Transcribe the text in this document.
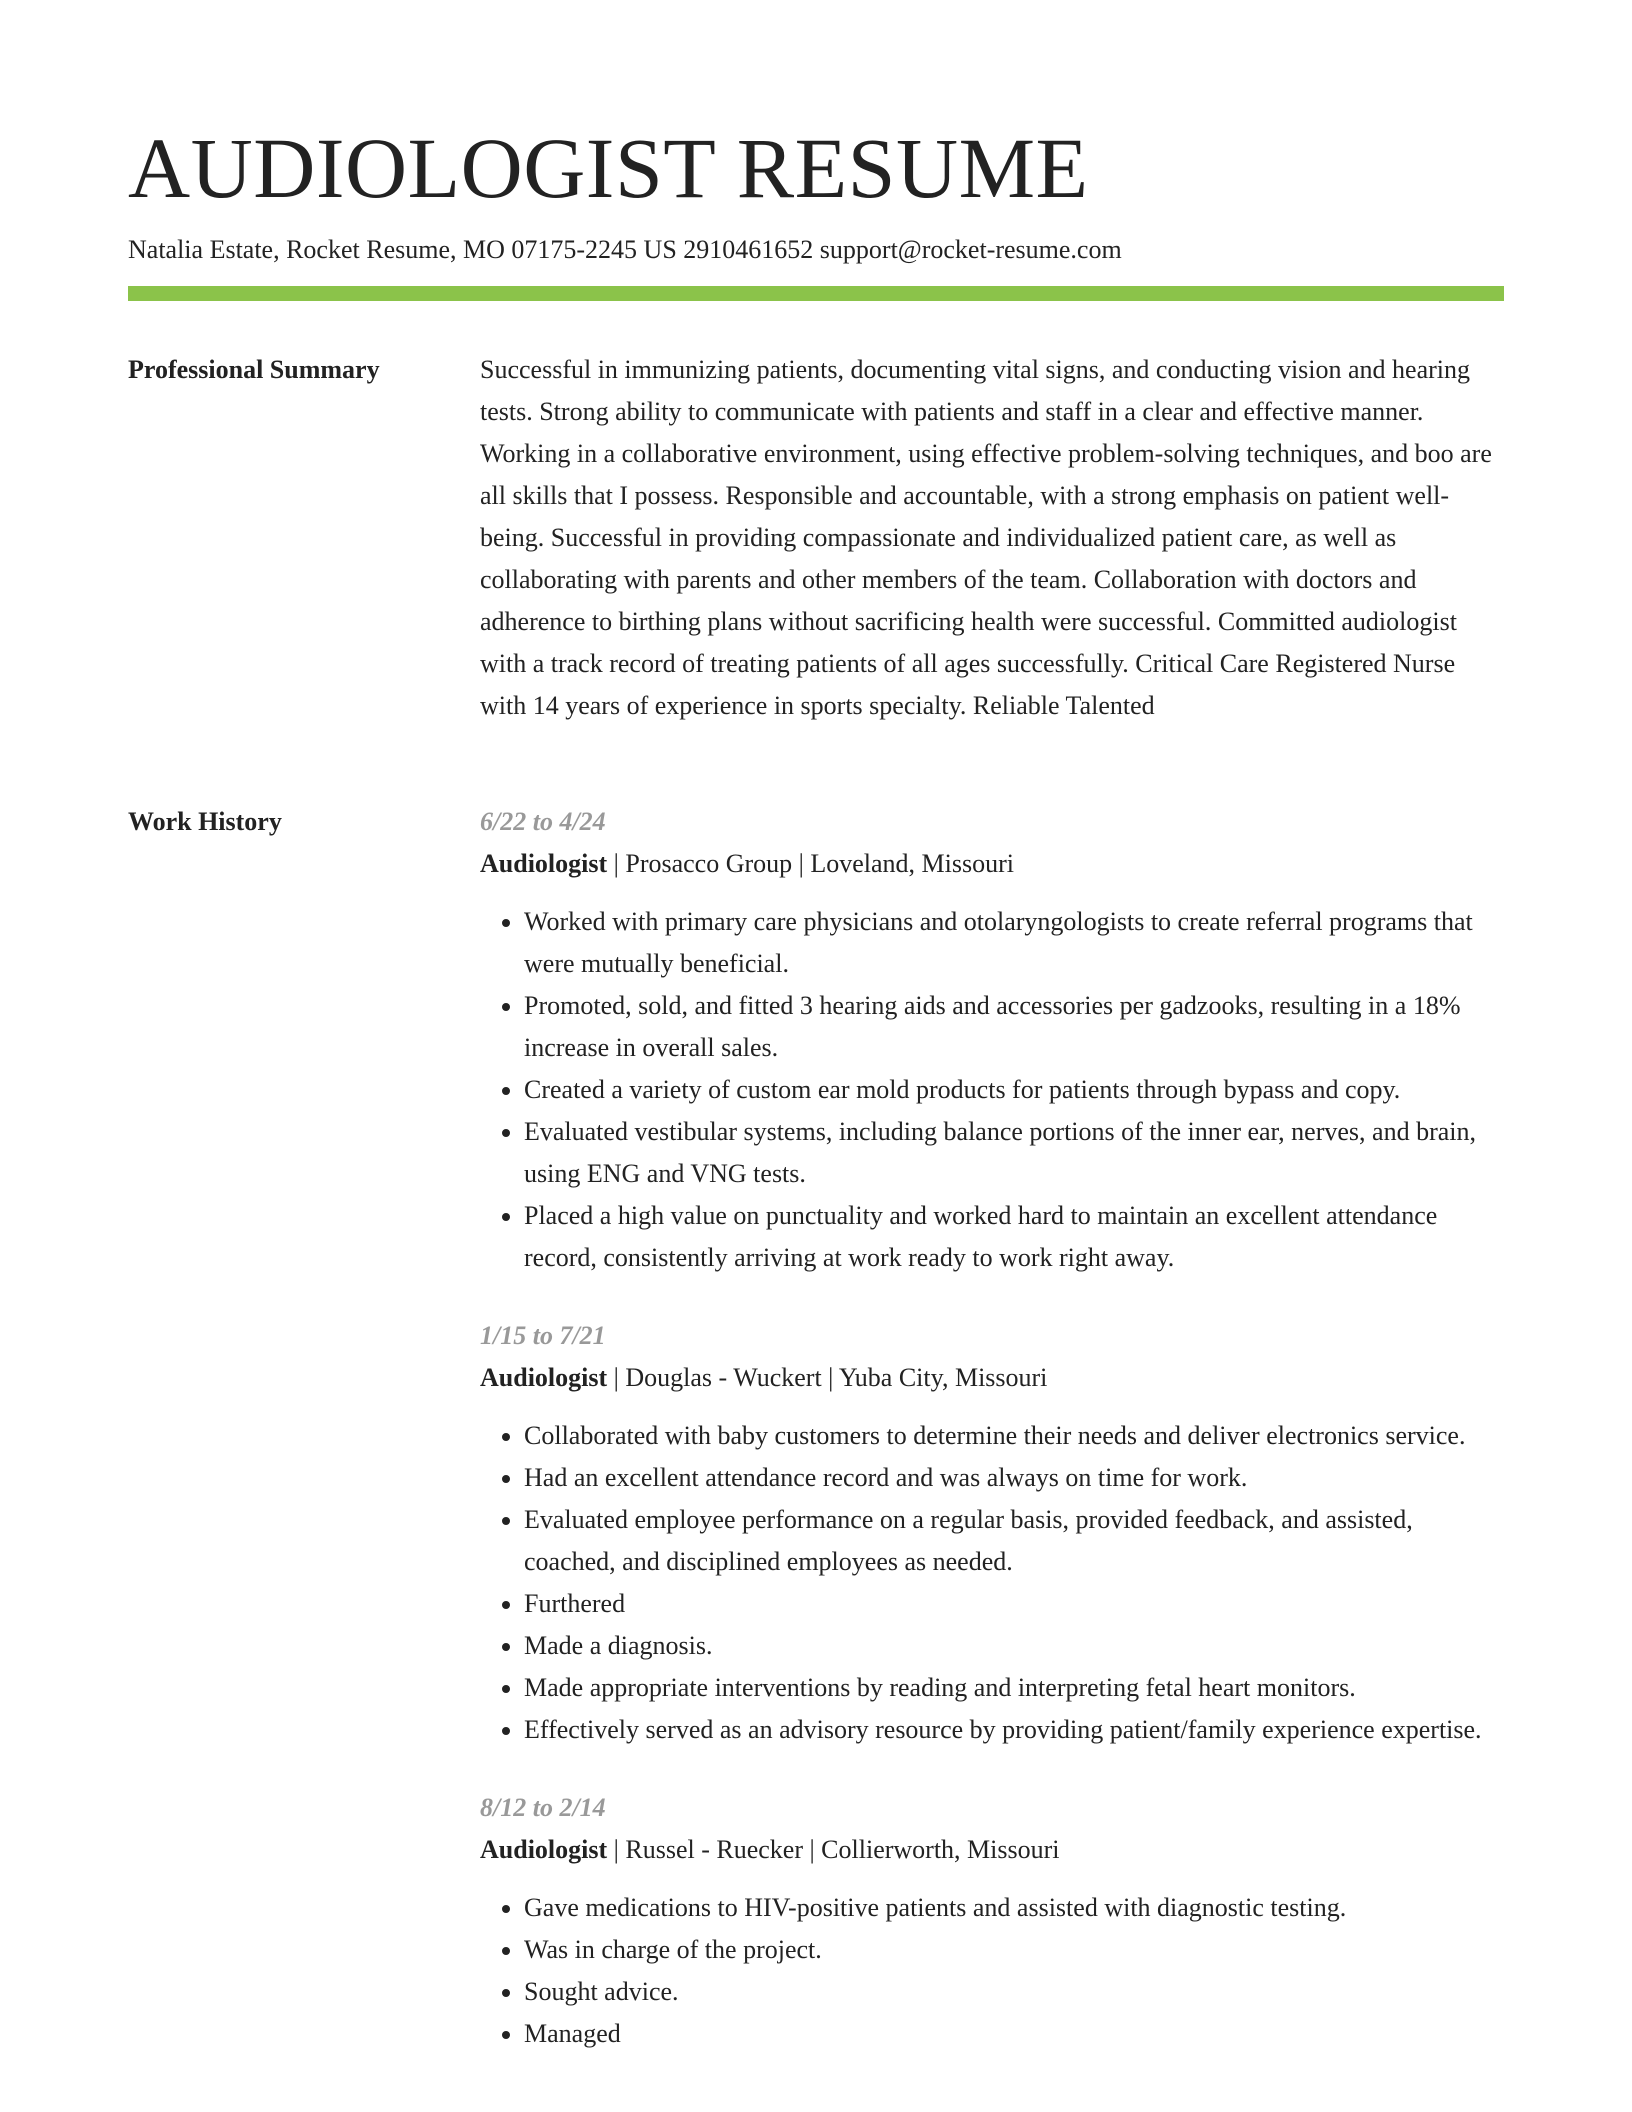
AUDIOLOGIST RESUME
Natalia Estate, Rocket Resume, MO 07175-2245 US 2910461652 support@rocket-resume.com
Professional Summary	Successful in immunizing patients, documenting vital signs, and conducting vision and hearing tests. Strong ability to communicate with patients and staff in a clear and effective manner. Working in a collaborative environment, using effective problem-solving techniques, and boo are all skills that I possess. Responsible and accountable, with a strong emphasis on patient well-being. Successful in providing compassionate and individualized patient care, as well as collaborating with parents and other members of the team. Collaboration with doctors and adherence to birthing plans without sacrificing health were successful. Committed audiologist with a track record of treating patients of all ages successfully. Critical Care Registered Nurse with 14 years of experience in sports specialty. Reliable Talented

Work History	6/22 to 4/24
Audiologist | Prosacco Group | Loveland, Missouri
• Worked with primary care physicians and otolaryngologists to create referral programs that were mutually beneficial.
• Promoted, sold, and fitted 3 hearing aids and accessories per gadzooks, resulting in a 18% increase in overall sales.
• Created a variety of custom ear mold products for patients through bypass and copy.
• Evaluated vestibular systems, including balance portions of the inner ear, nerves, and brain, using ENG and VNG tests.
• Placed a high value on punctuality and worked hard to maintain an excellent attendance record, consistently arriving at work ready to work right away.
1/15 to 7/21
Audiologist | Douglas - Wuckert | Yuba City, Missouri
• Collaborated with baby customers to determine their needs and deliver electronics service.
• Had an excellent attendance record and was always on time for work.
• Evaluated employee performance on a regular basis, provided feedback, and assisted, coached, and disciplined employees as needed.
• Furthered
• Made a diagnosis.
• Made appropriate interventions by reading and interpreting fetal heart monitors.
• Effectively served as an advisory resource by providing patient/family experience expertise.
8/12 to 2/14
Audiologist | Russel - Ruecker | Collierworth, Missouri
• Gave medications to HIV-positive patients and assisted with diagnostic testing.
• Was in charge of the project.
• Sought advice.
• Managed
